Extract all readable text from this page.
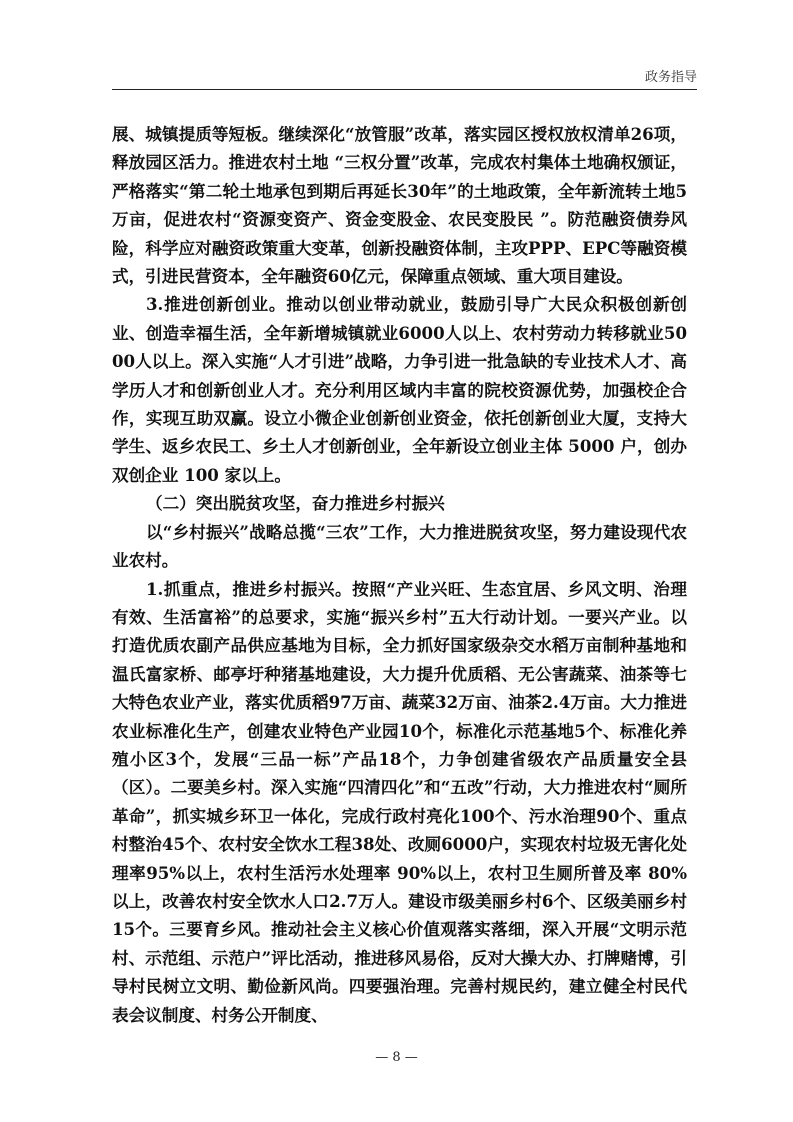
政务指导

展、城镇提质等短板。继续深化“放管服”改革，落实园区授权放权清单26项，释放园区活力。推进农村土地 “三权分置”改革，完成农村集体土地确权颁证，严格落实“第二轮土地承包到期后再延长30年”的土地政策，全年新流转土地5万亩，促进农村“资源变资产、资金变股金、农民变股民 ”。防范融资债券风险，科学应对融资政策重大变革，创新投融资体制，主攻PPP、EPC等融资模式，引进民营资本，全年融资60亿元，保障重点领域、重大项目建设。

3.推进创新创业。推动以创业带动就业，鼓励引导广大民众积极创新创业、创造幸福生活，全年新增城镇就业6000人以上、农村劳动力转移就业5000人以上。深入实施“人才引进”战略，力争引进一批急缺的专业技术人才、高学历人才和创新创业人才。充分利用区域内丰富的院校资源优势，加强校企合作，实现互助双赢。设立小微企业创新创业资金，依托创新创业大厦，支持大学生、返乡农民工、乡土人才创新创业，全年新设立创业主体 5000 户，创办双创企业 100 家以上。

（二）突出脱贫攻坚，奋力推进乡村振兴

以“乡村振兴”战略总揽“三农”工作，大力推进脱贫攻坚，努力建设现代农业农村。

1.抓重点，推进乡村振兴。按照“产业兴旺、生态宜居、乡风文明、治理有效、生活富裕”的总要求，实施“振兴乡村”五大行动计划。一要兴产业。以打造优质农副产品供应基地为目标，全力抓好国家级杂交水稻万亩制种基地和温氏富家桥、邮亭圩种猪基地建设，大力提升优质稻、无公害蔬菜、油茶等七大特色农业产业，落实优质稻97万亩、蔬菜32万亩、油茶2.4万亩。大力推进农业标准化生产，创建农业特色产业园10个，标准化示范基地5个、标准化养殖小区3个，发展“三品一标”产品18个，力争创建省级农产品质量安全县（区）。二要美乡村。深入实施“四清四化”和“五改”行动，大力推进农村“厕所革命”，抓实城乡环卫一体化，完成行政村亮化100个、污水治理90个、重点村整治45个、农村安全饮水工程38处、改厕6000户，实现农村垃圾无害化处理率95%以上，农村生活污水处理率 90%以上，农村卫生厕所普及率 80%以上，改善农村安全饮水人口2.7万人。建设市级美丽乡村6个、区级美丽乡村15个。三要育乡风。推动社会主义核心价值观落实落细，深入开展“文明示范村、示范组、示范户”评比活动，推进移风易俗，反对大操大办、打牌赌博，引导村民树立文明、勤俭新风尚。四要强治理。完善村规民约，建立健全村民代表会议制度、村务公开制度、

— 8 —
